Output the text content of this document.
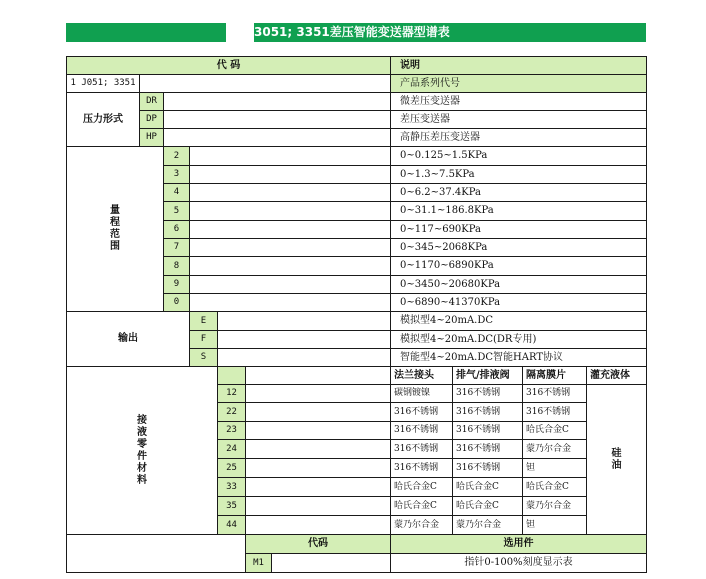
3051; 3351差压智能变送器型谱表
代 码	说明
1 J051; 3351	产品系列代号
压力形式
DR	微差压变送器
DP	差压变送器
HP	高静压差压变送器
量
程
范
围
2	0~0.125~1.5KPa
3	0~1.3~7.5KPa
4	0~6.2~37.4KPa
5	0~31.1~186.8KPa
6	0~117~690KPa
7	0~345~2068KPa
8	0~1170~6890KPa
9	0~3450~20680KPa
0	0~6890~41370KPa
输出
E	模拟型4~20mA.DC
F	模拟型4~20mA.DC(DR专用)
S	智能型4~20mA.DC智能HART协议
接
液
零
件
材
料
法兰接头	排气/排液阀	隔离膜片	灌充液体
12	碳钢镀镍	316不锈钢	316不锈钢
22	316不锈钢	316不锈钢	316不锈钢
23	316不锈钢	316不锈钢	哈氏合金C
24	316不锈钢	316不锈钢	蒙乃尔合金
25	316不锈钢	316不锈钢	钽
33	哈氏合金C	哈氏合金C	哈氏合金C
35	哈氏合金C	哈氏合金C	蒙乃尔合金
44	蒙乃尔合金	蒙乃尔合金	钽
硅
油
代码	选用件
M1	指针0-100%刻度显示表
